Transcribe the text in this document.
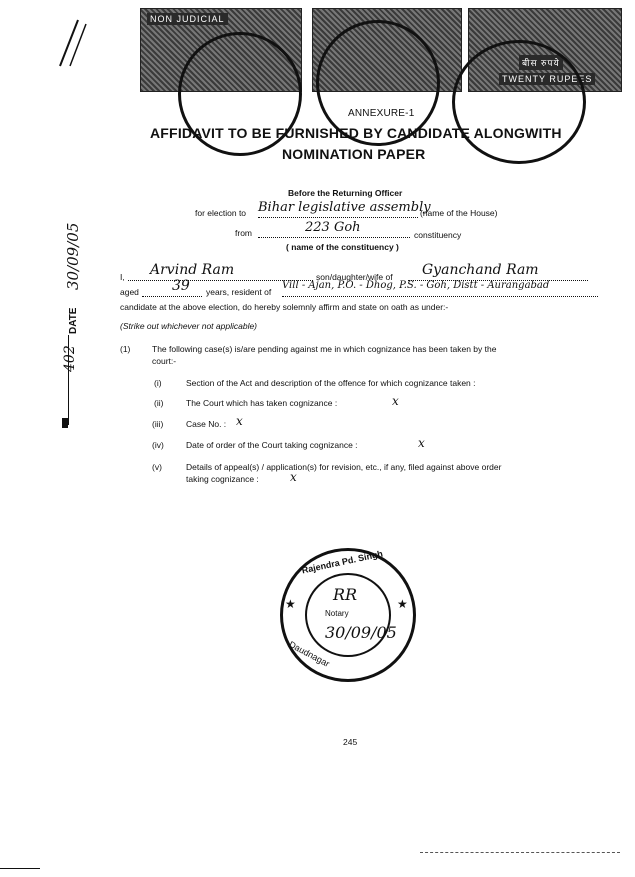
NON JUDICIAL
बीस रुपये
TWENTY RUPEES
ANNEXURE-1
AFFIDAVIT TO BE FURNISHED BY CANDIDATE ALONGWITH
NOMINATION PAPER
Before the Returning Officer
for election to Bihar legislative assembly
(name of the House)
from	223 Goh	constituency
( name of the constituency )
I, Arvind Ram	son/daughter/wife of Gyanchand Ram
aged 39 years, resident of
Vill - Ajan, P.O. - Dhog, P.S. - Goh, Distt - Aurangabad
candidate at the above election, do hereby solemnly affirm and state on oath as under:-
(Strike out whichever not applicable)
(1)	The following case(s) is/are pending against me in which cognizance has been taken by the
court:-
(i)	Section of the Act and description of the offence for which cognizance taken :
(ii)	The Court which has taken cognizance :	x
(iii)	Case No. : x
(iv)	Date of order of the Court taking cognizance :	x
(v)	Details of appeal(s) / application(s) for revision, etc., if any, filed against above order
taking cognizance :	x
30/09/05
DATE
402
Rajendra Pd. Singh
Daudnagar
RR
Notary
30/09/05
★	★
245
